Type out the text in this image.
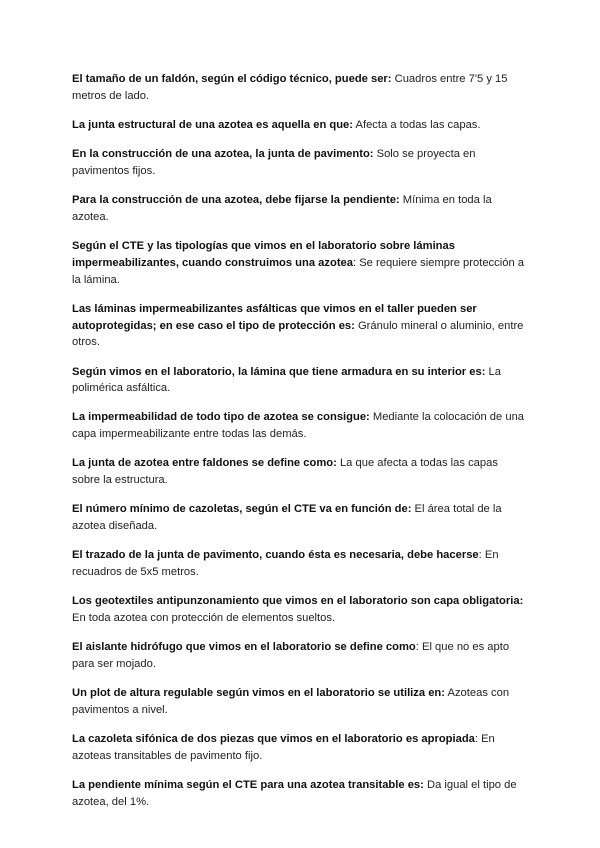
El tamaño de un faldón, según el código técnico, puede ser: Cuadros entre 7'5 y 15 metros de lado.

La junta estructural de una azotea es aquella en que: Afecta a todas las capas.

En la construcción de una azotea, la junta de pavimento: Solo se proyecta en pavimentos fijos.

Para la construcción de una azotea, debe fijarse la pendiente: Mínima en toda la azotea.

Según el CTE y las tipologías que vimos en el laboratorio sobre láminas impermeabilizantes, cuando construimos una azotea: Se requiere siempre protección a la lámina.

Las láminas impermeabilizantes asfálticas que vimos en el taller pueden ser autoprotegidas; en ese caso el tipo de protección es: Gránulo mineral o aluminio, entre otros.

Según vimos en el laboratorio, la lámina que tiene armadura en su interior es: La polimérica asfáltica.

La impermeabilidad de todo tipo de azotea se consigue: Mediante la colocación de una capa impermeabilizante entre todas las demás.

La junta de azotea entre faldones se define como: La que afecta a todas las capas sobre la estructura.

El número mínimo de cazoletas, según el CTE va en función de: El área total de la azotea diseñada.

El trazado de la junta de pavimento, cuando ésta es necesaria, debe hacerse: En recuadros de 5x5 metros.

Los geotextiles antipunzonamiento que vimos en el laboratorio son capa obligatoria: En toda azotea con protección de elementos sueltos.

El aislante hidrófugo que vimos en el laboratorio se define como: El que no es apto para ser mojado.

Un plot de altura regulable según vimos en el laboratorio se utiliza en: Azoteas con pavimentos a nivel.

La cazoleta sifónica de dos piezas que vimos en el laboratorio es apropiada: En azoteas transitables de pavimento fijo.

La pendiente mínima según el CTE para una azotea transitable es: Da igual el tipo de azotea, del 1%.
